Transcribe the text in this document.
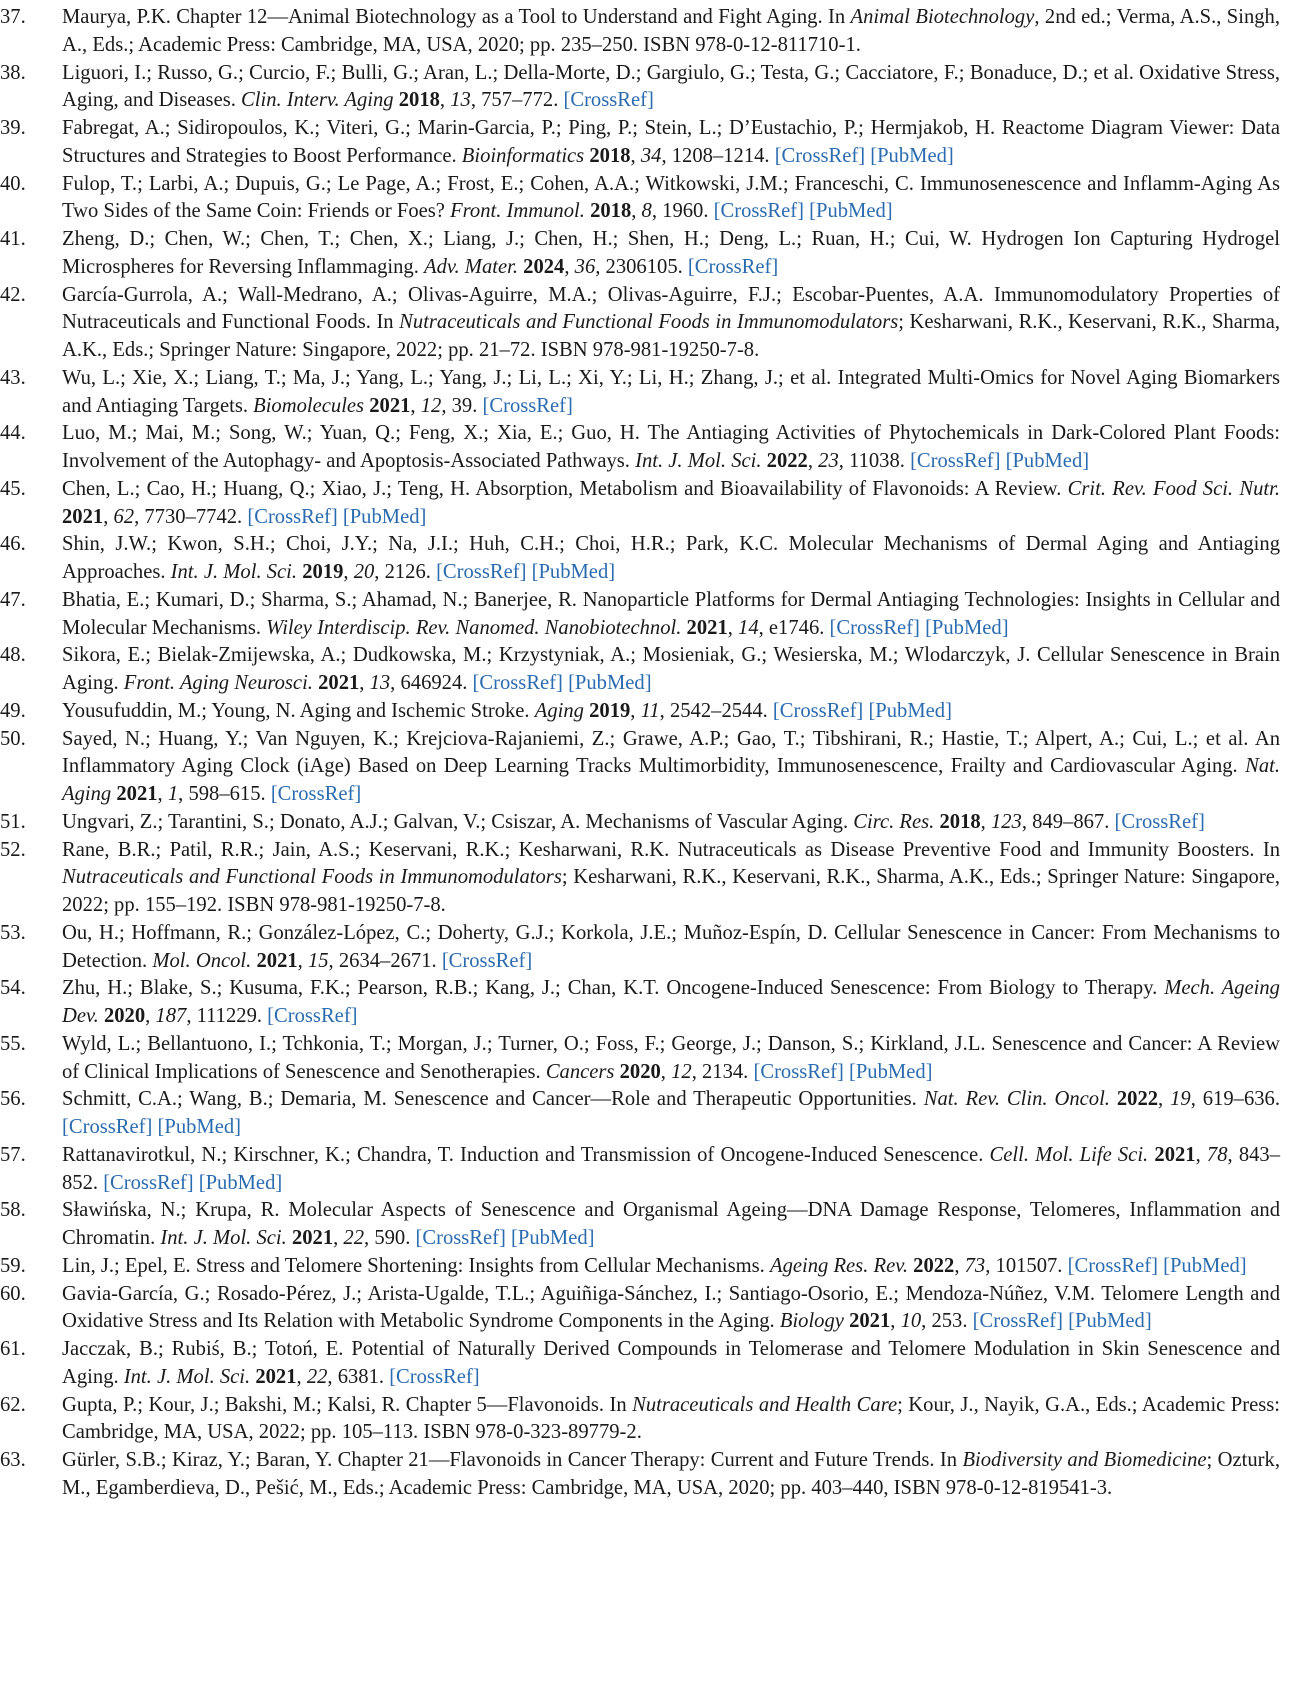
37.	Maurya, P.K. Chapter 12—Animal Biotechnology as a Tool to Understand and Fight Aging. In Animal Biotechnology, 2nd ed.; Verma, A.S., Singh, A., Eds.; Academic Press: Cambridge, MA, USA, 2020; pp. 235–250. ISBN 978-0-12-811710-1.
38.	Liguori, I.; Russo, G.; Curcio, F.; Bulli, G.; Aran, L.; Della-Morte, D.; Gargiulo, G.; Testa, G.; Cacciatore, F.; Bonaduce, D.; et al. Oxidative Stress, Aging, and Diseases. Clin. Interv. Aging 2018, 13, 757–772. [CrossRef]
39.	Fabregat, A.; Sidiropoulos, K.; Viteri, G.; Marin-Garcia, P.; Ping, P.; Stein, L.; D’Eustachio, P.; Hermjakob, H. Reactome Diagram Viewer: Data Structures and Strategies to Boost Performance. Bioinformatics 2018, 34, 1208–1214. [CrossRef] [PubMed]
40.	Fulop, T.; Larbi, A.; Dupuis, G.; Le Page, A.; Frost, E.; Cohen, A.A.; Witkowski, J.M.; Franceschi, C. Immunosenescence and Inflamm-Aging As Two Sides of the Same Coin: Friends or Foes? Front. Immunol. 2018, 8, 1960. [CrossRef] [PubMed]
41.	Zheng, D.; Chen, W.; Chen, T.; Chen, X.; Liang, J.; Chen, H.; Shen, H.; Deng, L.; Ruan, H.; Cui, W. Hydrogen Ion Capturing Hydrogel Microspheres for Reversing Inflammaging. Adv. Mater. 2024, 36, 2306105. [CrossRef]
42.	García-Gurrola, A.; Wall-Medrano, A.; Olivas-Aguirre, M.A.; Olivas-Aguirre, F.J.; Escobar-Puentes, A.A. Immunomodulatory Properties of Nutraceuticals and Functional Foods. In Nutraceuticals and Functional Foods in Immunomodulators; Kesharwani, R.K., Keservani, R.K., Sharma, A.K., Eds.; Springer Nature: Singapore, 2022; pp. 21–72. ISBN 978-981-19250-7-8.
43.	Wu, L.; Xie, X.; Liang, T.; Ma, J.; Yang, L.; Yang, J.; Li, L.; Xi, Y.; Li, H.; Zhang, J.; et al. Integrated Multi-Omics for Novel Aging Biomarkers and Antiaging Targets. Biomolecules 2021, 12, 39. [CrossRef]
44.	Luo, M.; Mai, M.; Song, W.; Yuan, Q.; Feng, X.; Xia, E.; Guo, H. The Antiaging Activities of Phytochemicals in Dark-Colored Plant Foods: Involvement of the Autophagy- and Apoptosis-Associated Pathways. Int. J. Mol. Sci. 2022, 23, 11038. [CrossRef] [PubMed]
45.	Chen, L.; Cao, H.; Huang, Q.; Xiao, J.; Teng, H. Absorption, Metabolism and Bioavailability of Flavonoids: A Review. Crit. Rev. Food Sci. Nutr. 2021, 62, 7730–7742. [CrossRef] [PubMed]
46.	Shin, J.W.; Kwon, S.H.; Choi, J.Y.; Na, J.I.; Huh, C.H.; Choi, H.R.; Park, K.C. Molecular Mechanisms of Dermal Aging and Antiaging Approaches. Int. J. Mol. Sci. 2019, 20, 2126. [CrossRef] [PubMed]
47.	Bhatia, E.; Kumari, D.; Sharma, S.; Ahamad, N.; Banerjee, R. Nanoparticle Platforms for Dermal Antiaging Technologies: Insights in Cellular and Molecular Mechanisms. Wiley Interdiscip. Rev. Nanomed. Nanobiotechnol. 2021, 14, e1746. [CrossRef] [PubMed]
48.	Sikora, E.; Bielak-Zmijewska, A.; Dudkowska, M.; Krzystyniak, A.; Mosieniak, G.; Wesierska, M.; Wlodarczyk, J. Cellular Senescence in Brain Aging. Front. Aging Neurosci. 2021, 13, 646924. [CrossRef] [PubMed]
49.	Yousufuddin, M.; Young, N. Aging and Ischemic Stroke. Aging 2019, 11, 2542–2544. [CrossRef] [PubMed]
50.	Sayed, N.; Huang, Y.; Van Nguyen, K.; Krejciova-Rajaniemi, Z.; Grawe, A.P.; Gao, T.; Tibshirani, R.; Hastie, T.; Alpert, A.; Cui, L.; et al. An Inflammatory Aging Clock (iAge) Based on Deep Learning Tracks Multimorbidity, Immunosenescence, Frailty and Cardiovascular Aging. Nat. Aging 2021, 1, 598–615. [CrossRef]
51.	Ungvari, Z.; Tarantini, S.; Donato, A.J.; Galvan, V.; Csiszar, A. Mechanisms of Vascular Aging. Circ. Res. 2018, 123, 849–867. [CrossRef]
52.	Rane, B.R.; Patil, R.R.; Jain, A.S.; Keservani, R.K.; Kesharwani, R.K. Nutraceuticals as Disease Preventive Food and Immunity Boosters. In Nutraceuticals and Functional Foods in Immunomodulators; Kesharwani, R.K., Keservani, R.K., Sharma, A.K., Eds.; Springer Nature: Singapore, 2022; pp. 155–192. ISBN 978-981-19250-7-8.
53.	Ou, H.; Hoffmann, R.; González-López, C.; Doherty, G.J.; Korkola, J.E.; Muñoz-Espín, D. Cellular Senescence in Cancer: From Mechanisms to Detection. Mol. Oncol. 2021, 15, 2634–2671. [CrossRef]
54.	Zhu, H.; Blake, S.; Kusuma, F.K.; Pearson, R.B.; Kang, J.; Chan, K.T. Oncogene-Induced Senescence: From Biology to Therapy. Mech. Ageing Dev. 2020, 187, 111229. [CrossRef]
55.	Wyld, L.; Bellantuono, I.; Tchkonia, T.; Morgan, J.; Turner, O.; Foss, F.; George, J.; Danson, S.; Kirkland, J.L. Senescence and Cancer: A Review of Clinical Implications of Senescence and Senotherapies. Cancers 2020, 12, 2134. [CrossRef] [PubMed]
56.	Schmitt, C.A.; Wang, B.; Demaria, M. Senescence and Cancer—Role and Therapeutic Opportunities. Nat. Rev. Clin. Oncol. 2022, 19, 619–636. [CrossRef] [PubMed]
57.	Rattanavirotkul, N.; Kirschner, K.; Chandra, T. Induction and Transmission of Oncogene-Induced Senescence. Cell. Mol. Life Sci. 2021, 78, 843–852. [CrossRef] [PubMed]
58.	Sławińska, N.; Krupa, R. Molecular Aspects of Senescence and Organismal Ageing—DNA Damage Response, Telomeres, Inflammation and Chromatin. Int. J. Mol. Sci. 2021, 22, 590. [CrossRef] [PubMed]
59.	Lin, J.; Epel, E. Stress and Telomere Shortening: Insights from Cellular Mechanisms. Ageing Res. Rev. 2022, 73, 101507. [CrossRef] [PubMed]
60.	Gavia-García, G.; Rosado-Pérez, J.; Arista-Ugalde, T.L.; Aguiñiga-Sánchez, I.; Santiago-Osorio, E.; Mendoza-Núñez, V.M. Telomere Length and Oxidative Stress and Its Relation with Metabolic Syndrome Components in the Aging. Biology 2021, 10, 253. [CrossRef] [PubMed]
61.	Jacczak, B.; Rubiś, B.; Totoń, E. Potential of Naturally Derived Compounds in Telomerase and Telomere Modulation in Skin Senescence and Aging. Int. J. Mol. Sci. 2021, 22, 6381. [CrossRef]
62.	Gupta, P.; Kour, J.; Bakshi, M.; Kalsi, R. Chapter 5—Flavonoids. In Nutraceuticals and Health Care; Kour, J., Nayik, G.A., Eds.; Academic Press: Cambridge, MA, USA, 2022; pp. 105–113. ISBN 978-0-323-89779-2.
63.	Gürler, S.B.; Kiraz, Y.; Baran, Y. Chapter 21—Flavonoids in Cancer Therapy: Current and Future Trends. In Biodiversity and Biomedicine; Ozturk, M., Egamberdieva, D., Pešić, M., Eds.; Academic Press: Cambridge, MA, USA, 2020; pp. 403–440, ISBN 978-0-12-819541-3.
